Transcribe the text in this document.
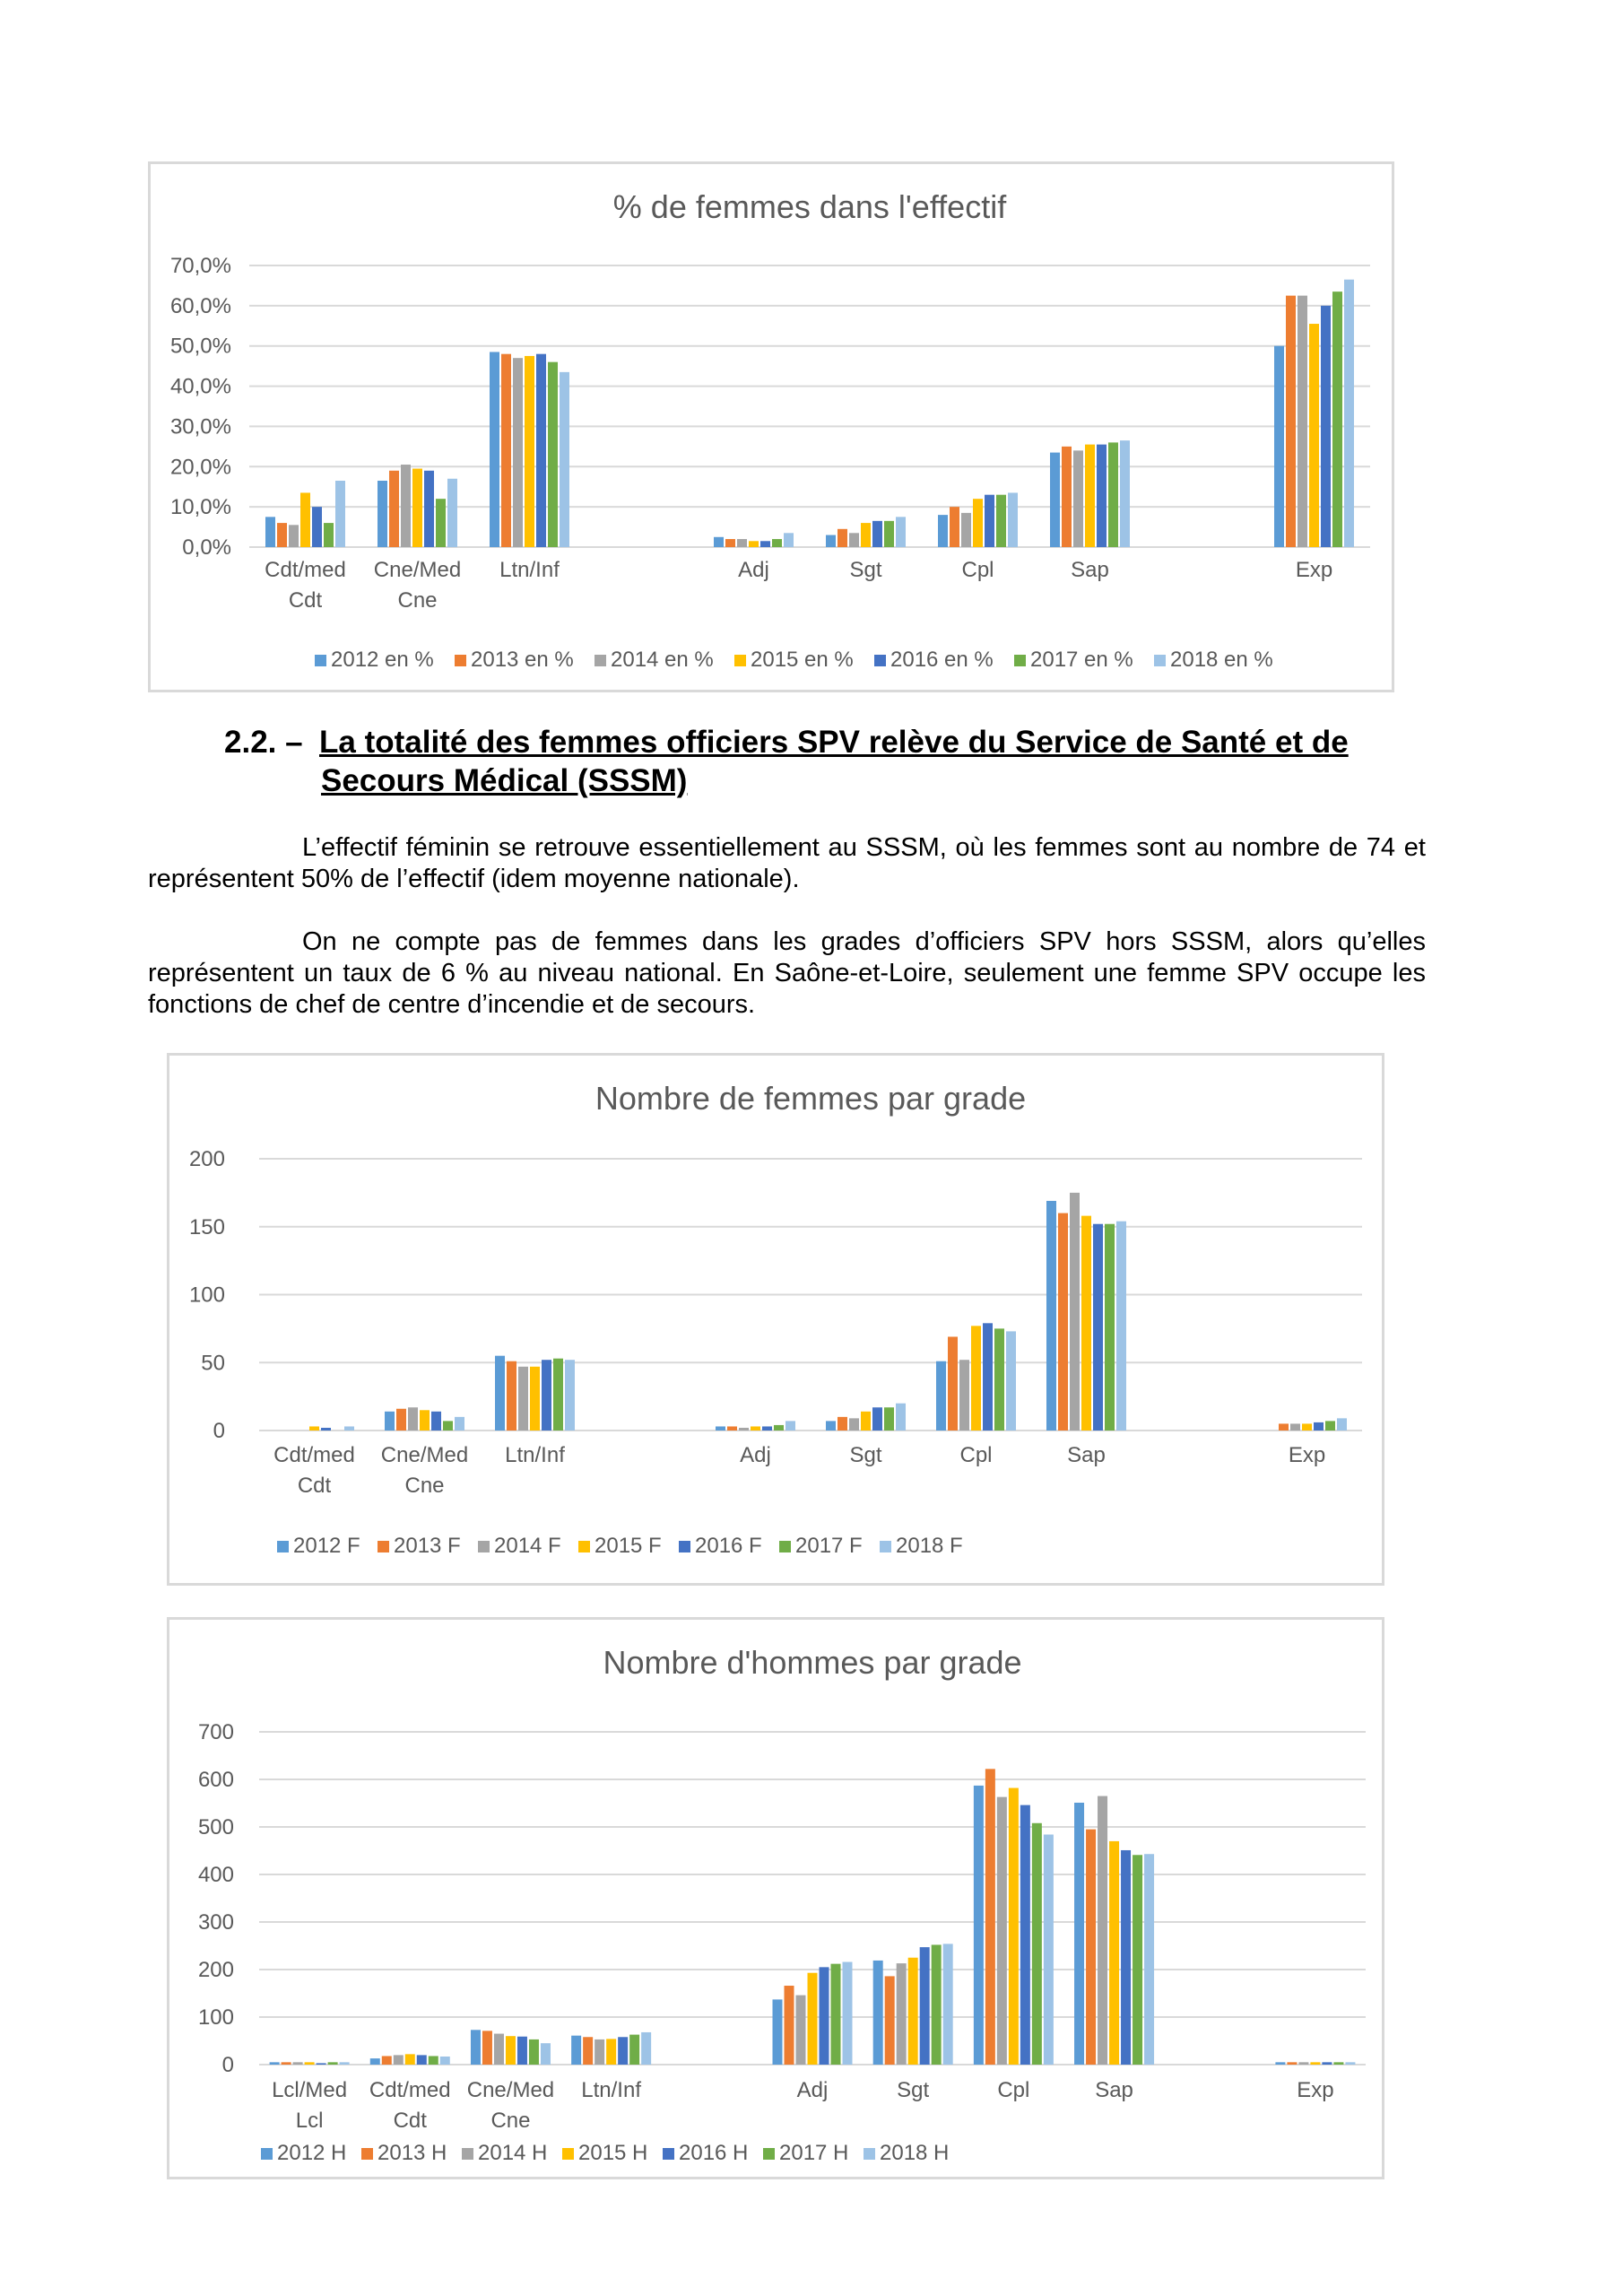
% de femmes dans l'effectif
0,0%
10,0%
20,0%
30,0%
40,0%
50,0%
60,0%
70,0%
Cdt/med
Cdt
Cne/Med
Cne
Ltn/Inf	Adj	Sgt	Cpl	Sap	Exp
2012 en % 2013 en % 2014 en % 2015 en % 2016 en % 2017 en % 2018 en %
2.2. – La totalité des femmes officiers SPV relève du Service de Santé et de
Secours Médical (SSSM)

L’effectif féminin se retrouve essentiellement au SSSM, où les femmes sont au nombre de 74 et représentent 50% de l’effectif (idem moyenne nationale).

On ne compte pas de femmes dans les grades d’officiers SPV hors SSSM, alors qu’elles représentent un taux de 6 % au niveau national. En Saône-et-Loire, seulement une femme SPV occupe les fonctions de chef de centre d’incendie et de secours.

Nombre de femmes par grade
0
50
100
150
200
Cdt/med
Cdt
Cne/Med
Cne
Ltn/Inf	Adj	Sgt	Cpl	Sap	Exp
2012 F 2013 F 2014 F 2015 F 2016 F 2017 F 2018 F
Nombre d'hommes par grade
0
100
200
300
400
500
600
700
Lcl/Med
Lcl
Cdt/med
Cdt
Cne/Med
Cne
Ltn/Inf	Adj	Sgt	Cpl	Sap	Exp
2012 H 2013 H 2014 H 2015 H 2016 H 2017 H 2018 H
